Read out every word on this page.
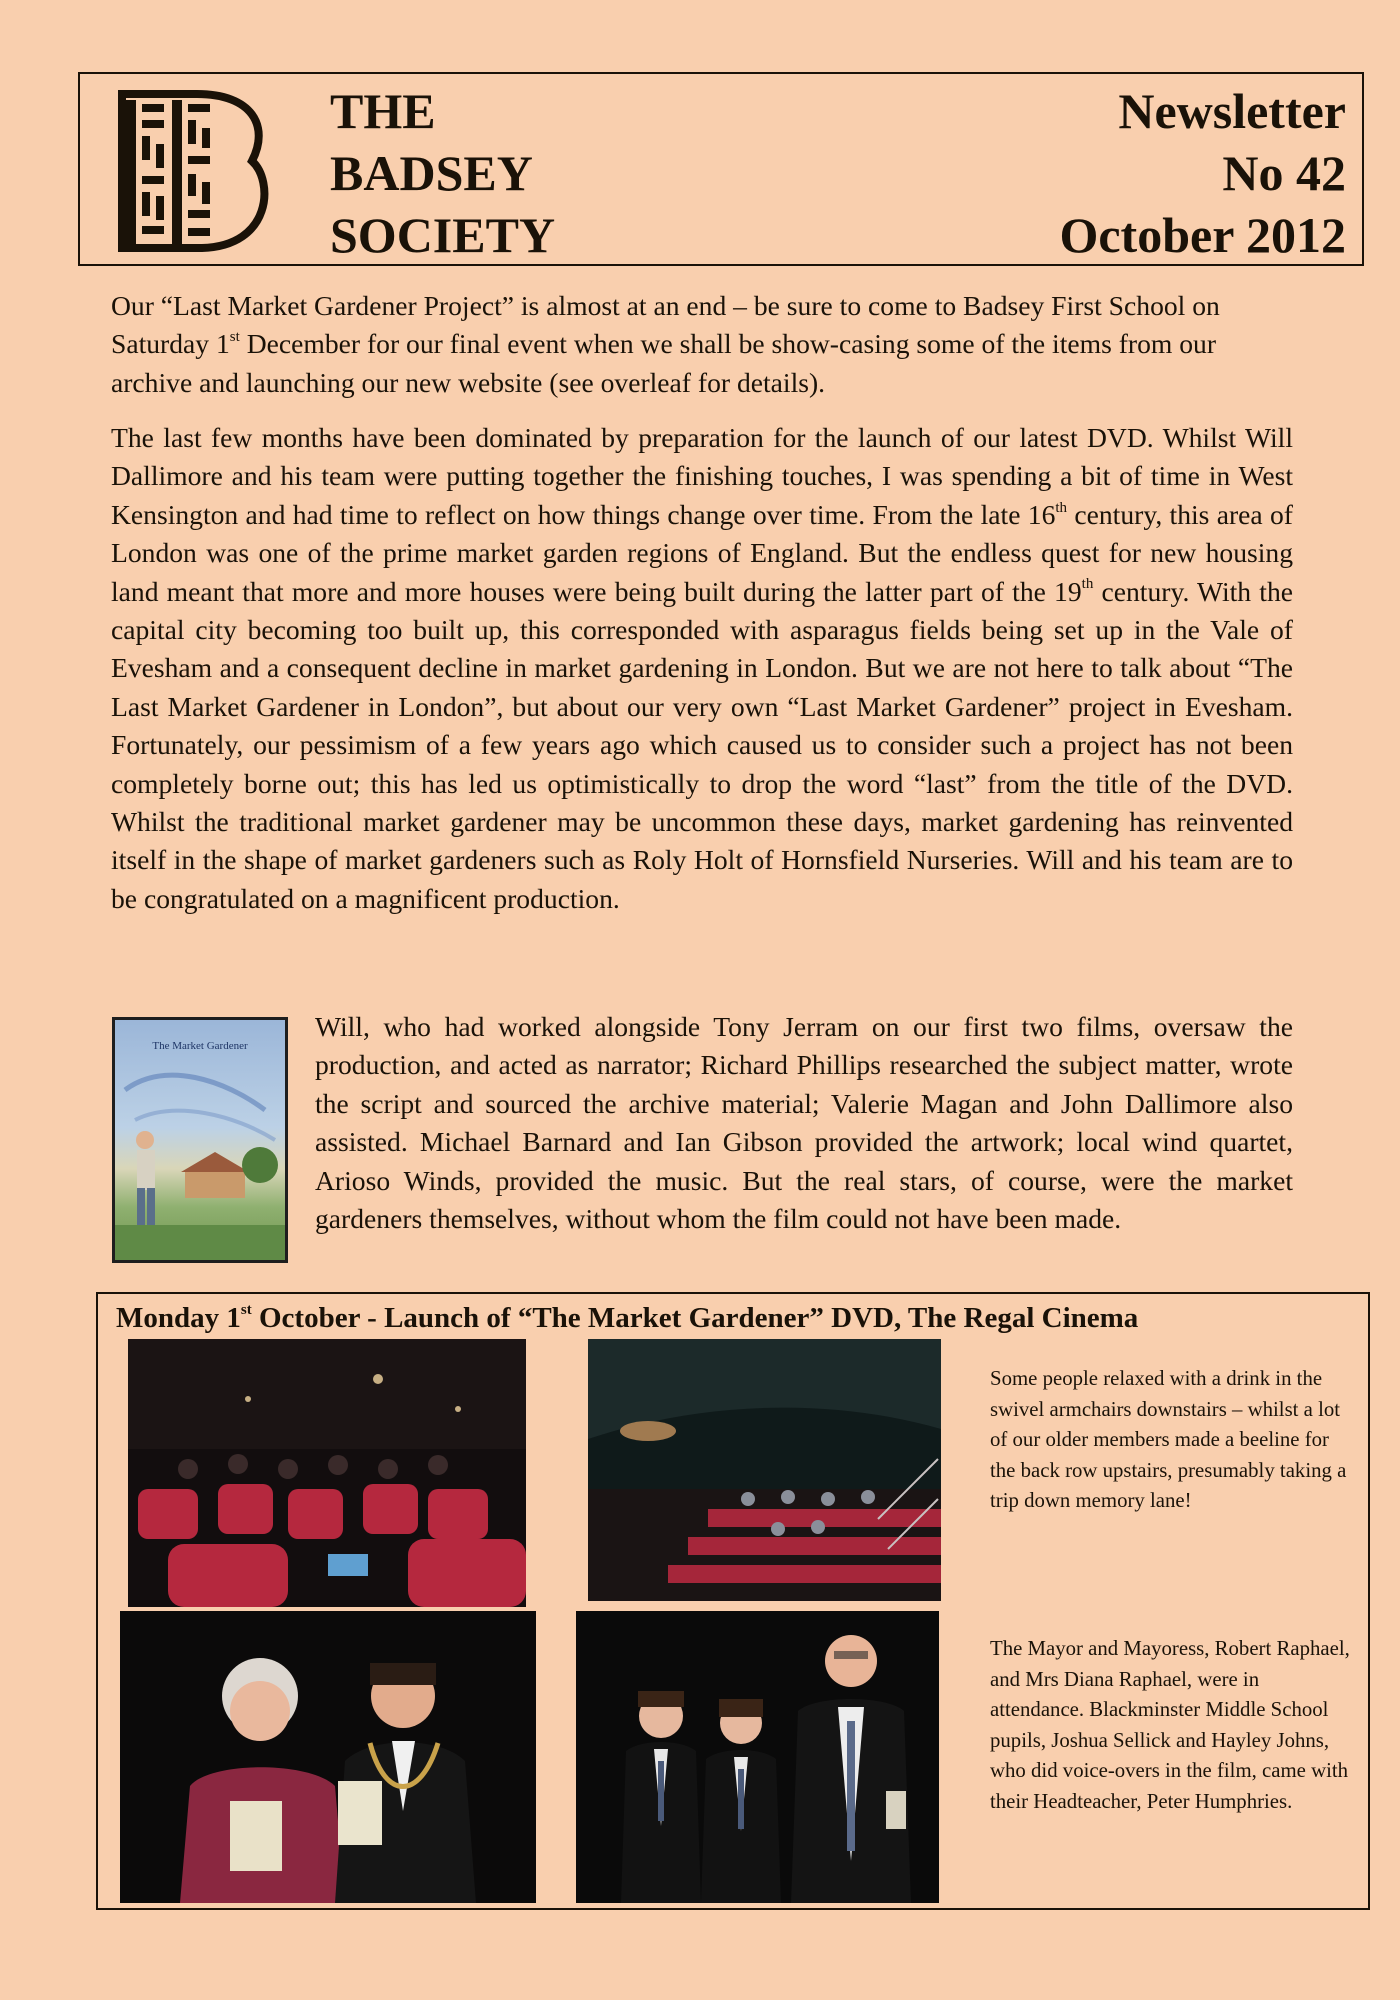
THE
BADSEY
SOCIETY
Newsletter
No 42
October 2012

Our “Last Market Gardener Project” is almost at an end – be sure to come to Badsey First School on Saturday 1st December for our final event when we shall be show-casing some of the items from our archive and launching our new website (see overleaf for details).

The last few months have been dominated by preparation for the launch of our latest DVD. Whilst Will Dallimore and his team were putting together the finishing touches, I was spending a bit of time in West Kensington and had time to reflect on how things change over time. From the late 16th century, this area of London was one of the prime market garden regions of England. But the endless quest for new housing land meant that more and more houses were being built during the latter part of the 19th century. With the capital city becoming too built up, this corresponded with asparagus fields being set up in the Vale of Evesham and a consequent decline in market gardening in London. But we are not here to talk about “The Last Market Gardener in London”, but about our very own “Last Market Gardener” project in Evesham. Fortunately, our pessimism of a few years ago which caused us to consider such a project has not been completely borne out; this has led us optimistically to drop the word “last” from the title of the DVD. Whilst the traditional market gardener may be uncommon these days, market gardening has reinvented itself in the shape of market gardeners such as Roly Holt of Hornsfield Nurseries. Will and his team are to be congratulated on a magnificent production.

The Market Gardener

Will, who had worked alongside Tony Jerram on our first two films, oversaw the production, and acted as narrator; Richard Phillips researched the subject matter, wrote the script and sourced the archive material; Valerie Magan and John Dallimore also assisted. Michael Barnard and Ian Gibson provided the artwork; local wind quartet, Arioso Winds, provided the music. But the real stars, of course, were the market gardeners themselves, without whom the film could not have been made.

Monday 1st October - Launch of “The Market Gardener” DVD, The Regal Cinema

Some people relaxed with a drink in the swivel armchairs downstairs – whilst a lot of our older members made a beeline for the back row upstairs, presumably taking a trip down memory lane!

The Mayor and Mayoress, Robert Raphael, and Mrs Diana Raphael, were in attendance. Blackminster Middle School pupils, Joshua Sellick and Hayley Johns, who did voice-overs in the film, came with their Headteacher, Peter Humphries.
